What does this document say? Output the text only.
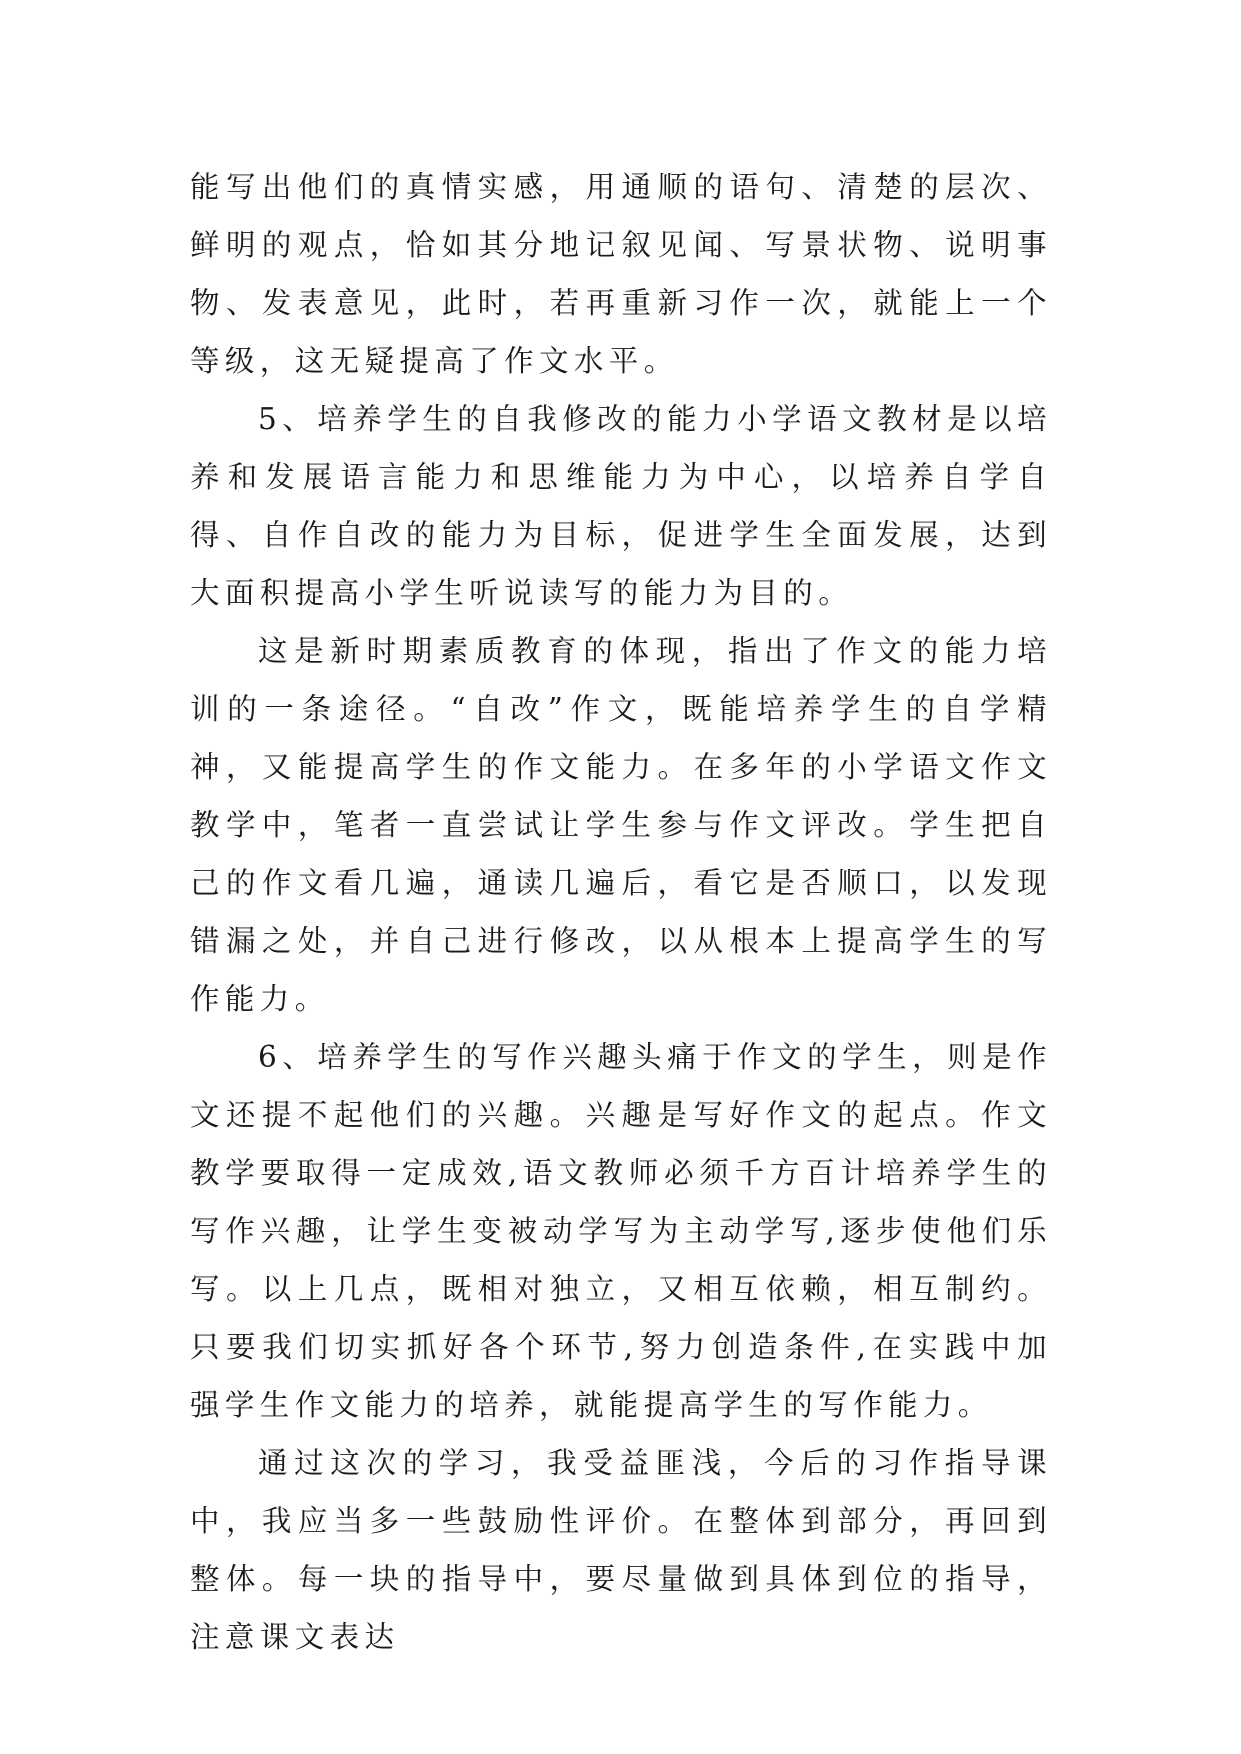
能写出他们的真情实感，用通顺的语句、清楚的层次、鲜明的观点，恰如其分地记叙见闻、写景状物、说明事物、发表意见，此时，若再重新习作一次，就能上一个等级，这无疑提高了作文水平。

5、培养学生的自我修改的能力小学语文教材是以培养和发展语言能力和思维能力为中心，以培养自学自得、自作自改的能力为目标，促进学生全面发展，达到大面积提高小学生听说读写的能力为目的。

这是新时期素质教育的体现，指出了作文的能力培训的一条途径。“自改”作文，既能培养学生的自学精神，又能提高学生的作文能力。在多年的小学语文作文教学中，笔者一直尝试让学生参与作文评改。学生把自己的作文看几遍，通读几遍后，看它是否顺口，以发现错漏之处，并自己进行修改，以从根本上提高学生的写作能力。

6、培养学生的写作兴趣头痛于作文的学生，则是作文还提不起他们的兴趣。兴趣是写好作文的起点。作文教学要取得一定成效,语文教师必须千方百计培养学生的写作兴趣，让学生变被动学写为主动学写,逐步使他们乐写。以上几点，既相对独立，又相互依赖，相互制约。只要我们切实抓好各个环节,努力创造条件,在实践中加强学生作文能力的培养，就能提高学生的写作能力。

通过这次的学习，我受益匪浅，今后的习作指导课中，我应当多一些鼓励性评价。在整体到部分，再回到整体。每一块的指导中，要尽量做到具体到位的指导，注意课文表达
